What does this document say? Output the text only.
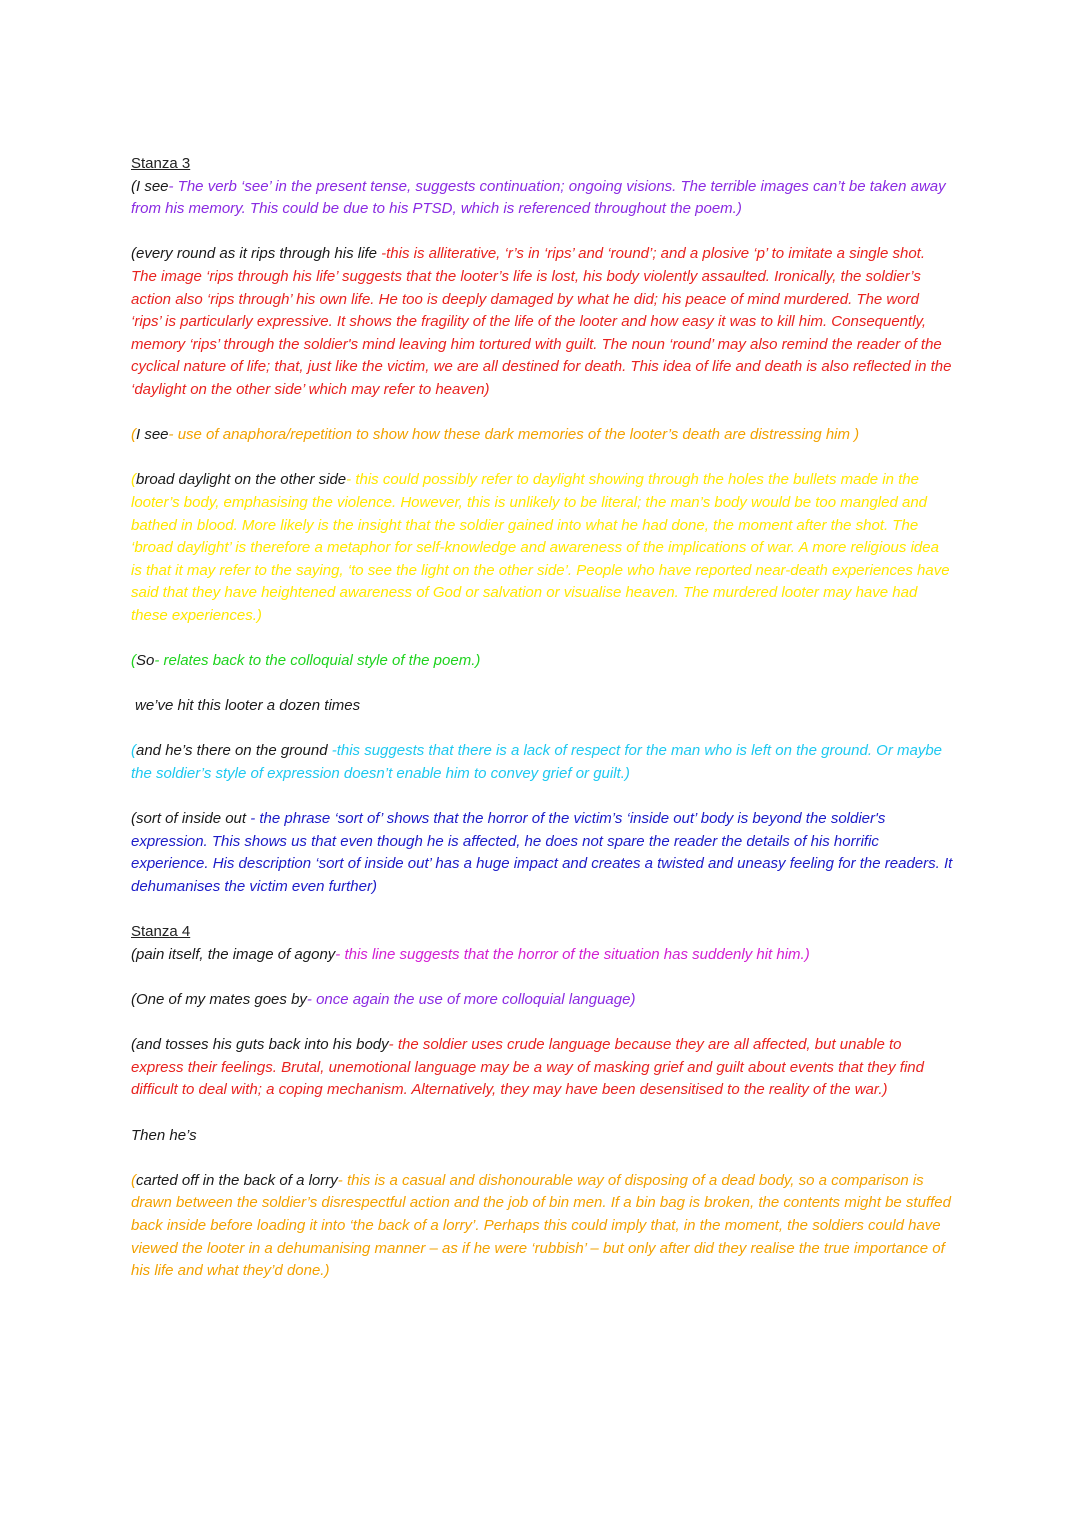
Stanza 3

(I see- The verb ‘see’ in the present tense, suggests continuation; ongoing visions. The terrible images can’t be taken away from his memory. This could be due to his PTSD, which is referenced throughout the poem.)

(every round as it rips through his life -this is alliterative, ‘r’s in ‘rips’ and ‘round’; and a plosive ‘p’ to imitate a single shot. The image ‘rips through his life’ suggests that the looter’s life is lost, his body violently assaulted. Ironically, the soldier’s action also ‘rips through’ his own life. He too is deeply damaged by what he did; his peace of mind murdered. The word ‘rips’ is particularly expressive. It shows the fragility of the life of the looter and how easy it was to kill him. Consequently, memory ‘rips’ through the soldier's mind leaving him tortured with guilt. The noun ‘round’ may also remind the reader of the cyclical nature of life; that, just like the victim, we are all destined for death. This idea of life and death is also reflected in the ‘daylight on the other side’ which may refer to heaven)

(I see- use of anaphora/repetition to show how these dark memories of the looter’s death are distressing him )

(broad daylight on the other side- this could possibly refer to daylight showing through the holes the bullets made in the looter’s body, emphasising the violence. However, this is unlikely to be literal; the man’s body would be too mangled and bathed in blood. More likely is the insight that the soldier gained into what he had done, the moment after the shot. The ‘broad daylight’ is therefore a metaphor for self-knowledge and awareness of the implications of war. A more religious idea is that it may refer to the saying, ‘to see the light on the other side’. People who have reported near-death experiences have said that they have heightened awareness of God or salvation or visualise heaven. The murdered looter may have had these experiences.)

(So- relates back to the colloquial style of the poem.)

we’ve hit this looter a dozen times

(and he’s there on the ground -this suggests that there is a lack of respect for the man who is left on the ground. Or maybe the soldier’s style of expression doesn’t enable him to convey grief or guilt.)

(sort of inside out - the phrase ‘sort of’ shows that the horror of the victim’s ‘inside out’ body is beyond the soldier's expression. This shows us that even though he is affected, he does not spare the reader the details of his horrific experience. His description ‘sort of inside out’ has a huge impact and creates a twisted and uneasy feeling for the readers. It dehumanises the victim even further)

Stanza 4

(pain itself, the image of agony- this line suggests that the horror of the situation has suddenly hit him.)

(One of my mates goes by- once again the use of more colloquial language)

(and tosses his guts back into his body- the soldier uses crude language because they are all affected, but unable to express their feelings. Brutal, unemotional language may be a way of masking grief and guilt about events that they find difficult to deal with; a coping mechanism. Alternatively, they may have been desensitised to the reality of the war.)

Then he’s

(carted off in the back of a lorry- this is a casual and dishonourable way of disposing of a dead body, so a comparison is drawn between the soldier’s disrespectful action and the job of bin men. If a bin bag is broken, the contents might be stuffed back inside before loading it into ‘the back of a lorry’. Perhaps this could imply that, in the moment, the soldiers could have viewed the looter in a dehumanising manner – as if he were ‘rubbish’ – but only after did they realise the true importance of his life and what they’d done.)
